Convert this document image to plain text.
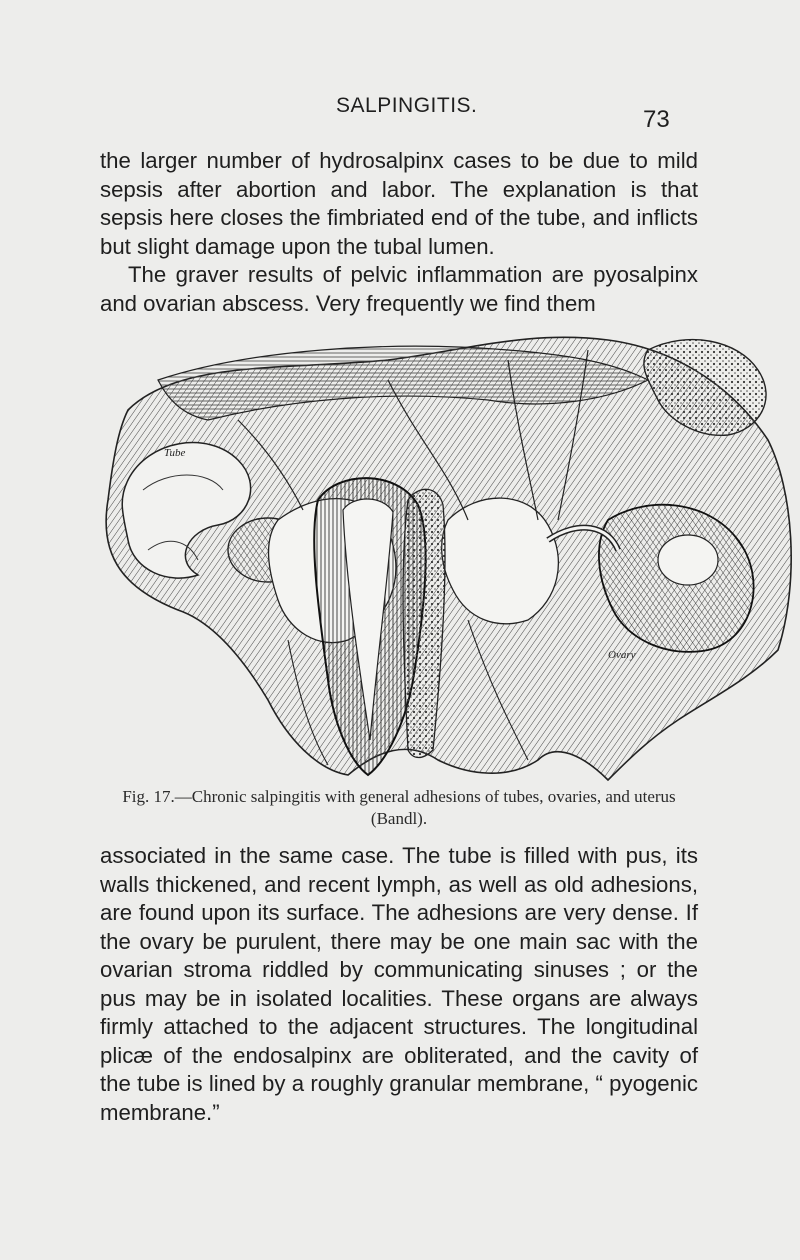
SALPINGITIS.
73

the larger number of hydrosalpinx cases to be due to mild sepsis after abortion and labor. The explanation is that sepsis here closes the fimbriated end of the tube, and inflicts but slight damage upon the tubal lumen.
The graver results of pelvic inflammation are pyosalpinx and ovarian abscess. Very frequently we find them

Tube
Ovary
Fig. 17.—Chronic salpingitis with general adhesions of tubes, ovaries, and uterus (Bandl).

associated in the same case. The tube is filled with pus, its walls thickened, and recent lymph, as well as old adhesions, are found upon its surface. The adhesions are very dense. If the ovary be purulent, there may be one main sac with the ovarian stroma riddled by communicating sinuses ; or the pus may be in isolated localities. These organs are always firmly attached to the adjacent structures. The longitudinal plicæ of the endosalpinx are obliterated, and the cavity of the tube is lined by a roughly granular membrane, “ pyogenic membrane.”
